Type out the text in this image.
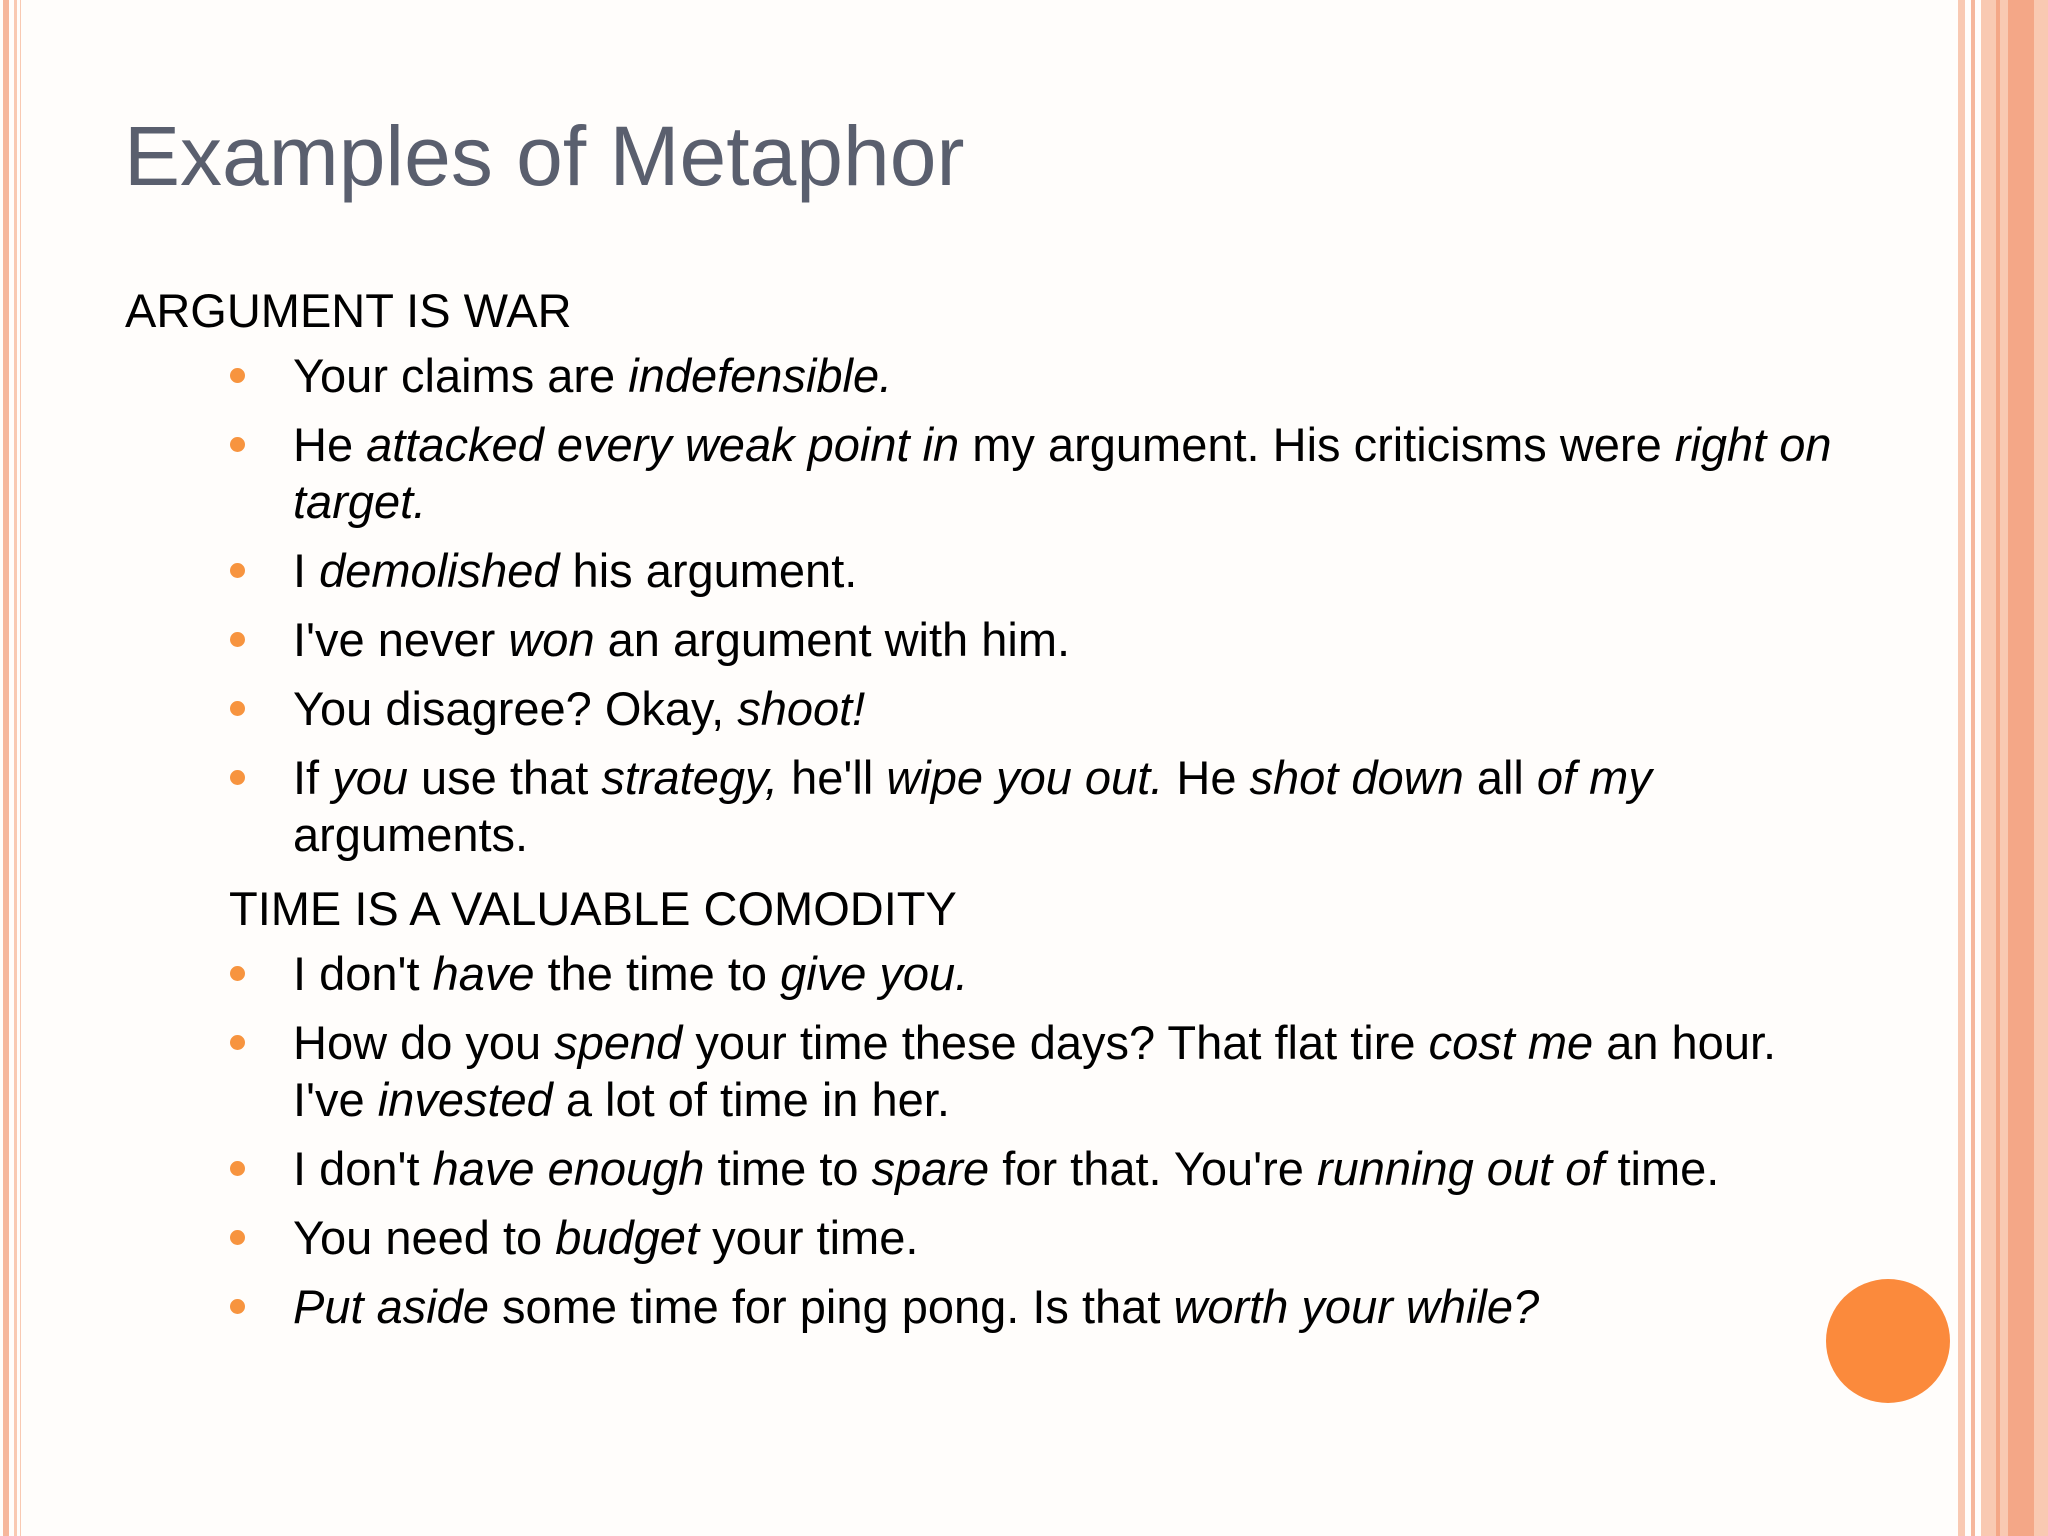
Examples of Metaphor
ARGUMENT IS WAR
Your claims are indefensible.
He attacked every weak point in my argument. His criticisms were right on target.
I demolished his argument.
I've never won an argument with him.
You disagree? Okay, shoot!
If you use that strategy, he'll wipe you out. He shot down all of my arguments.
TIME IS A VALUABLE COMODITY
I don't have the time to give you.
How do you spend your time these days? That flat tire cost me an hour. I've invested a lot of time in her.
I don't have enough time to spare for that. You're running out of time.
You need to budget your time.
Put aside some time for ping pong. Is that worth your while?
